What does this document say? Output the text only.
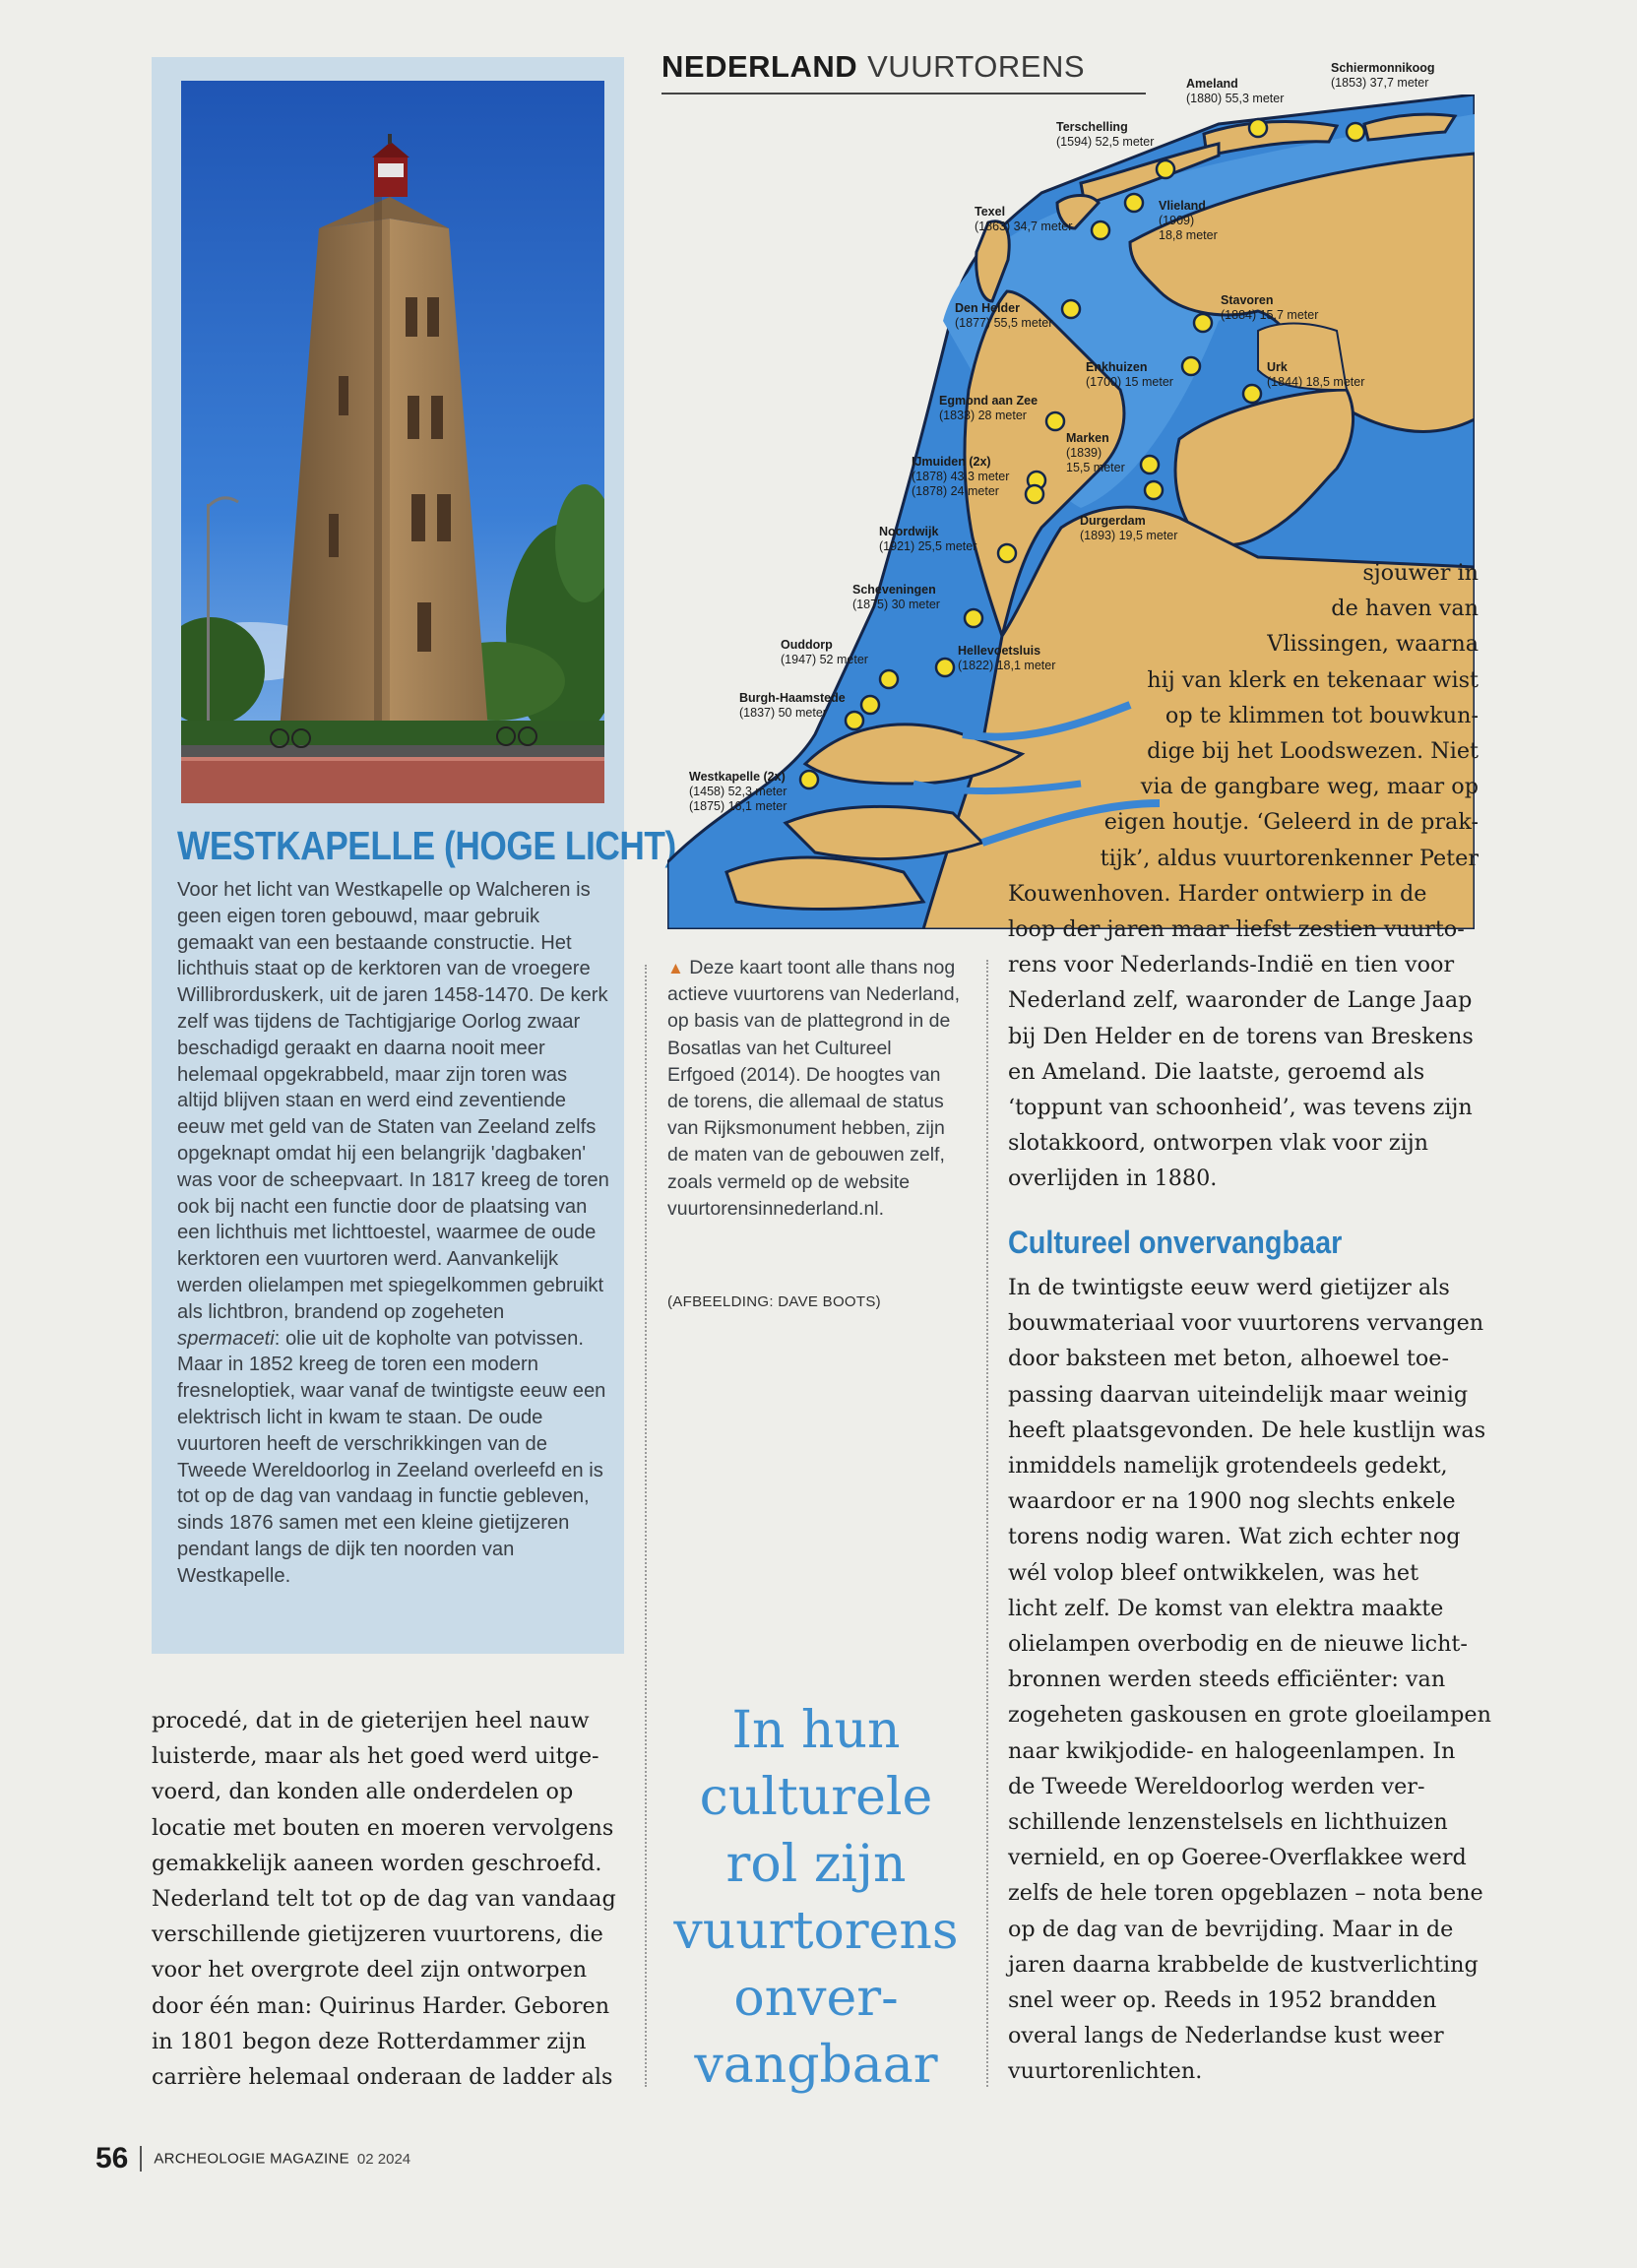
WESTKAPELLE (HOGE LICHT)

Voor het licht van Westkapelle op Walcheren is geen eigen toren gebouwd, maar gebruik gemaakt van een bestaande constructie. Het lichthuis staat op de kerktoren van de vroegere Willibrorduskerk, uit de jaren 1458-1470. De kerk zelf was tijdens de Tachtigjarige Oorlog zwaar beschadigd geraakt en daarna nooit meer helemaal opgekrabbeld, maar zijn toren was altijd blijven staan en werd eind zeventiende eeuw met geld van de Staten van Zeeland zelfs opgeknapt omdat hij een belangrijk 'dagbaken' was voor de scheepvaart. In 1817 kreeg de toren ook bij nacht een functie door de plaatsing van een lichthuis met lichttoestel, waarmee de oude kerktoren een vuurtoren werd. Aanvankelijk werden olielampen met spiegelkommen gebruikt als lichtbron, brandend op zogeheten spermaceti: olie uit de kopholte van potvissen. Maar in 1852 kreeg de toren een modern fresneloptiek, waar vanaf de twintigste eeuw een elektrisch licht in kwam te staan. De oude vuurtoren heeft de verschrikkingen van de Tweede Wereldoorlog in Zeeland overleefd en is tot op de dag van vandaag in functie gebleven, sinds 1876 samen met een kleine gietijzeren pendant langs de dijk ten noorden van Westkapelle.

NEDERLAND VUURTORENS	Schiermonnikoog
(1853) 37,7 meter
Ameland
(1880) 55,3 meter
Terschelling
(1594) 52,5 meter
Texel
(1863) 34,7 meter
Vlieland
(1909)
18,8 meter
Den Helder
(1877) 55,5 meter
Stavoren
(1884) 15,7 meter
Enkhuizen
(1700) 15 meter
Urk
(1844) 18,5 meter
Egmond aan Zee
(1833) 28 meter
IJmuiden (2x)
(1878) 43,3 meter
(1878) 24 meter
Marken
(1839)
15,5 meter
Durgerdam
(1893) 19,5 meter
Noordwijk
(1921) 25,5 meter
Scheveningen
(1875) 30 meter
Ouddorp
(1947) 52 meter
Hellevoetsluis
(1822) 18,1 meter
Burgh-Haamstede
(1837) 50 meter
Westkapelle (2x)
(1458) 52,3 meter
(1875) 16,1 meter
▲ Deze kaart toont alle thans nog actieve vuurtorens van Nederland, op basis van de plattegrond in de Bosatlas van het Cultureel Erfgoed (2014). De hoogtes van de torens, die allemaal de status van Rijksmonument hebben, zijn de maten van de gebouwen zelf, zoals vermeld op de website vuurtorensinnederland.nl.
(AFBEELDING: DAVE BOOTS)
sjouwer in
de haven van
Vlissingen, waarna
hij van klerk en tekenaar wist
op te klimmen tot bouwkun-
dige bij het Loodswezen. Niet
via de gangbare weg, maar op
eigen houtje. ‘Geleerd in de prak-
tijk’, aldus vuurtorenkenner Peter
Kouwenhoven. Harder ontwierp in de
loop der jaren maar liefst zestien vuurto-
rens voor Nederlands-Indië en tien voor
Nederland zelf, waaronder de Lange Jaap
bij Den Helder en de torens van Breskens
en Ameland. Die laatste, geroemd als
‘toppunt van schoonheid’, was tevens zijn
slotakkoord, ontworpen vlak voor zijn
overlijden in 1880.
Cultureel onvervangbaar
In de twintigste eeuw werd gietijzer als
bouwmateriaal voor vuurtorens vervangen
door baksteen met beton, alhoewel toe-
passing daarvan uiteindelijk maar weinig
heeft plaatsgevonden. De hele kustlijn was
inmiddels namelijk grotendeels gedekt,
waardoor er na 1900 nog slechts enkele
torens nodig waren. Wat zich echter nog
wél volop bleef ontwikkelen, was het
licht zelf. De komst van elektra maakte
olielampen overbodig en de nieuwe licht-
bronnen werden steeds efficiënter: van
zogeheten gaskousen en grote gloeilampen
naar kwikjodide- en halogeenlampen. In
de Tweede Wereldoorlog werden ver-
schillende lenzenstelsels en lichthuizen
vernield, en op Goeree-Overflakkee werd
zelfs de hele toren opgeblazen – nota bene
op de dag van de bevrijding. Maar in de
jaren daarna krabbelde de kustverlichting
snel weer op. Reeds in 1952 brandden
overal langs de Nederlandse kust weer
vuurtorenlichten.
procedé, dat in de gieterijen heel nauw
luisterde, maar als het goed werd uitge-
voerd, dan konden alle onderdelen op
locatie met bouten en moeren vervolgens
gemakkelijk aaneen worden geschroefd.
Nederland telt tot op de dag van vandaag
verschillende gietijzeren vuurtorens, die
voor het overgrote deel zijn ontworpen
door één man: Quirinus Harder. Geboren
in 1801 begon deze Rotterdammer zijn
carrière helemaal onderaan de ladder als
In hun
culturele
rol zijn
vuurtorens
onver-
vangbaar
56 ARCHEOLOGIE MAGAZINE 02 2024
